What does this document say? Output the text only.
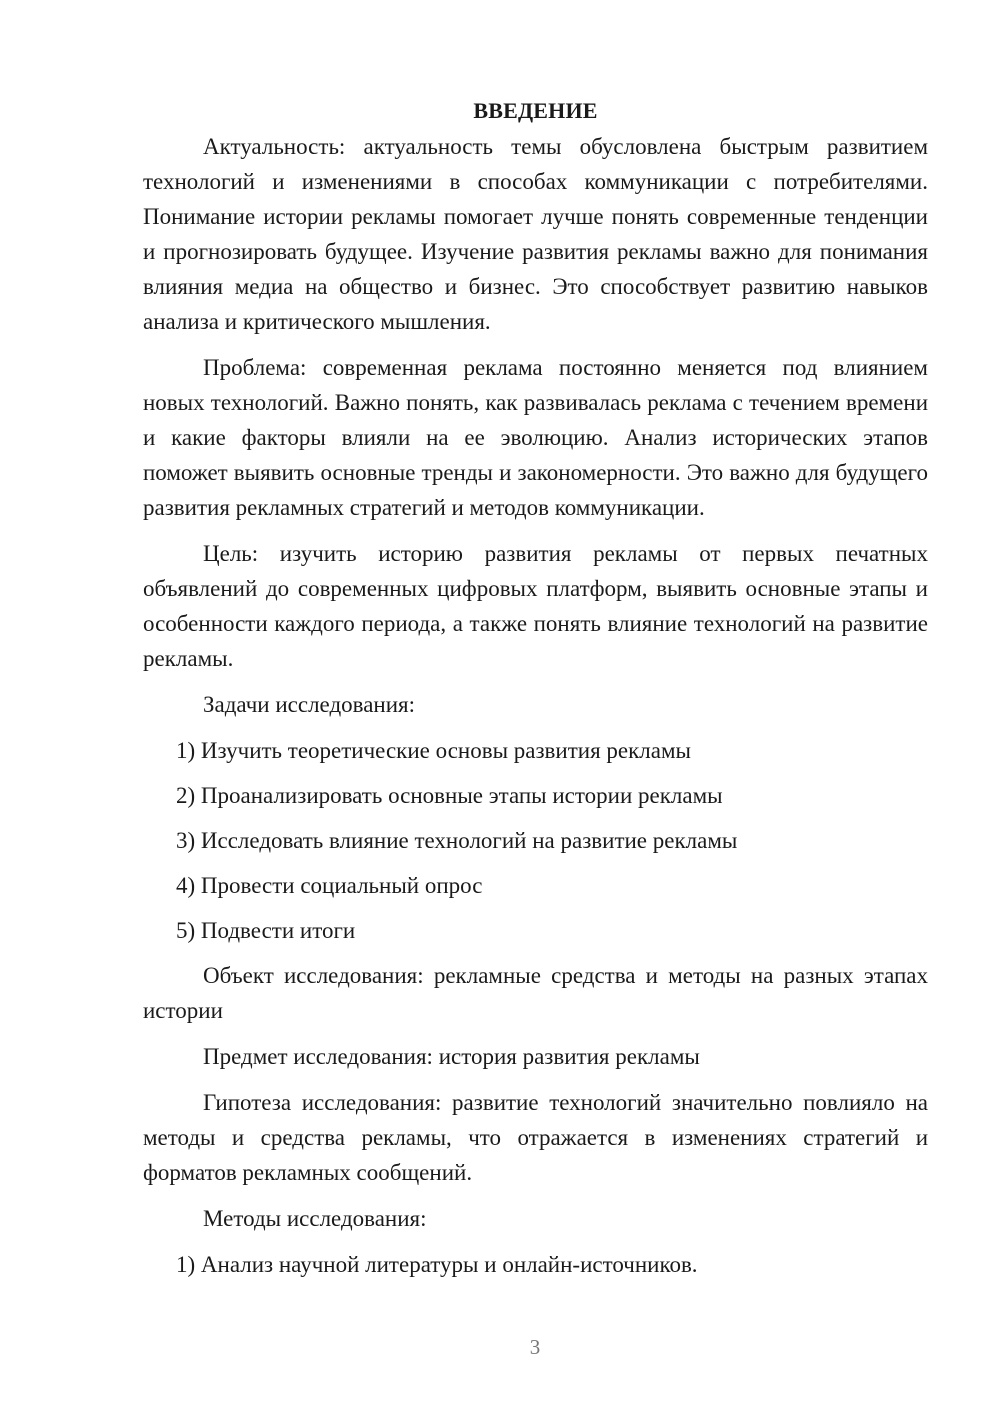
ВВЕДЕНИЕ

Актуальность: актуальность темы обусловлена быстрым развитием технологий и изменениями в способах коммуникации с потребителями. Понимание истории рекламы помогает лучше понять современные тенденции и прогнозировать будущее. Изучение развития рекламы важно для понимания влияния медиа на общество и бизнес. Это способствует развитию навыков анализа и критического мышления.

Проблема: современная реклама постоянно меняется под влиянием новых технологий. Важно понять, как развивалась реклама с течением времени и какие факторы влияли на ее эволюцию. Анализ исторических этапов поможет выявить основные тренды и закономерности. Это важно для будущего развития рекламных стратегий и методов коммуникации.

Цель: изучить историю развития рекламы от первых печатных объявлений до современных цифровых платформ, выявить основные этапы и особенности каждого периода, а также понять влияние технологий на развитие рекламы.

Задачи исследования:

1) Изучить теоретические основы развития рекламы
2) Проанализировать основные этапы истории рекламы
3) Исследовать влияние технологий на развитие рекламы
4) Провести социальный опрос
5) Подвести итоги

Объект исследования: рекламные средства и методы на разных этапах истории

Предмет исследования: история развития рекламы

Гипотеза исследования: развитие технологий значительно повлияло на методы и средства рекламы, что отражается в изменениях стратегий и форматов рекламных сообщений.

Методы исследования:

1) Анализ научной литературы и онлайн-источников.
3
